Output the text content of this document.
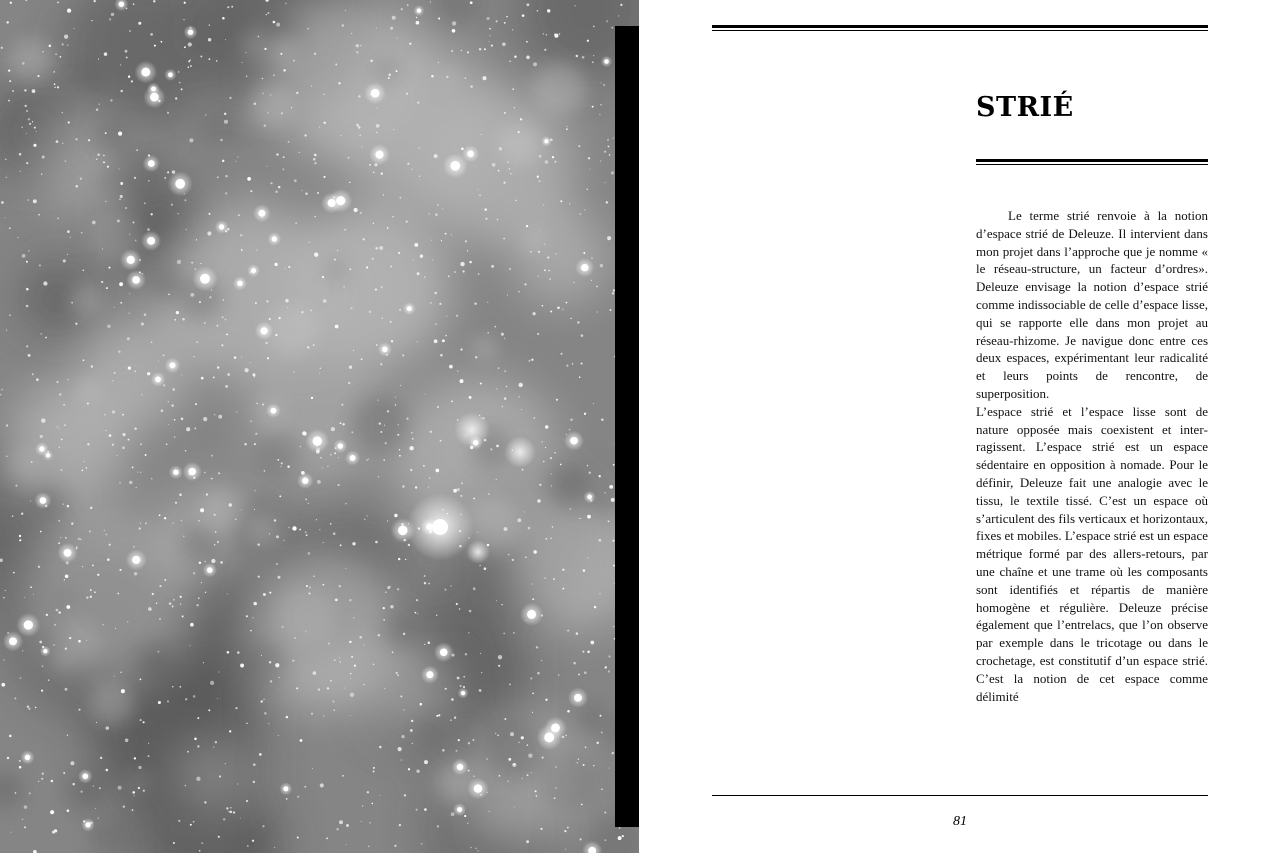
STRIÉ

Le terme strié renvoie à la notion d’espace strié de Deleuze. Il intervient dans mon projet dans l’approche que je nomme « le réseau-structure, un facteur d’ordres». Deleuze envisage la notion d’espace strié comme indissociable de celle d’espace lisse, qui se rapporte elle dans mon projet au réseau-rhizome. Je navigue donc entre ces deux espaces, expérimentant leur radicalité et leurs points de rencontre, de superposition.

L’espace strié et l’espace lisse sont de nature opposée mais coexistent et interragissent. L’espace strié est un espace sédentaire en opposition à nomade. Pour le définir, Deleuze fait une analogie avec le tissu, le textile tissé. C’est un espace où s’articulent des fils verticaux et horizontaux, fixes et mobiles. L’espace strié est un espace métrique formé par des allers-retours, par une chaîne et une trame où les composants sont identifiés et répartis de manière homogène et régulière. Deleuze précise également que l’entrelacs, que l’on observe par exemple dans le tricotage ou dans le crochetage, est constitutif d’un espace strié. C’est la notion de cet espace comme délimité

81
